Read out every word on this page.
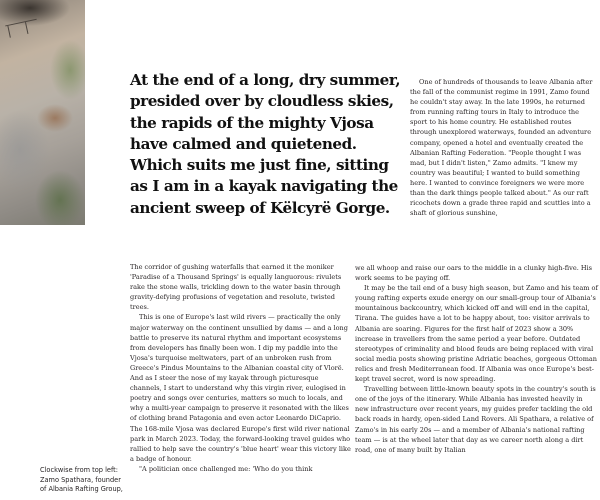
Clockwise from top left:
Zamo Spathara, founder
of Albania Rafting Group,
At the end of a long, dry summer, presided over by cloudless skies, the rapids of the mighty Vjosa have calmed and quietened. Which suits me just fine, sitting as I am in a kayak navigating the ancient sweep of Këlcyrë Gorge.

The corridor of gushing waterfalls that earned it the moniker 'Paradise of a Thousand Springs' is equally languorous: rivulets rake the stone walls, trickling down to the water basin through gravity-defying profusions of vegetation and resolute, twisted trees.

This is one of Europe's last wild rivers — practically the only major waterway on the continent unsullied by dams — and a long battle to preserve its natural rhythm and important ecosystems from developers has finally been won. I dip my paddle into the Vjosa's turquoise meltwaters, part of an unbroken rush from Greece's Pindus Mountains to the Albanian coastal city of Vlorë. And as I steer the nose of my kayak through picturesque channels, I start to understand why this virgin river, eulogised in poetry and songs over centuries, matters so much to locals, and why a multi-year campaign to preserve it resonated with the likes of clothing brand Patagonia and even actor Leonardo DiCaprio. The 168-mile Vjosa was declared Europe's first wild river national park in March 2023. Today, the forward-looking travel guides who rallied to help save the country's 'blue heart' wear this victory like a badge of honour.

"A politician once challenged me: 'Who do you think

One of hundreds of thousands to leave Albania after the fall of the communist regime in 1991, Zamo found he couldn't stay away. In the late 1990s, he returned from running rafting tours in Italy to introduce the sport to his home country. He established routes through unexplored waterways, founded an adventure company, opened a hotel and eventually created the Albanian Rafting Federation. "People thought I was mad, but I didn't listen," Zamo admits. "I knew my country was beautiful; I wanted to build something here. I wanted to convince foreigners we were more than the dark things people talked about." As our raft ricochets down a grade three rapid and scuttles into a shaft of glorious sunshine,

we all whoop and raise our oars to the middle in a clunky high-five. His work seems to be paying off.

It may be the tail end of a busy high season, but Zamo and his team of young rafting experts exude energy on our small-group tour of Albania's mountainous backcountry, which kicked off and will end in the capital, Tirana. The guides have a lot to be happy about, too: visitor arrivals to Albania are soaring. Figures for the first half of 2023 show a 30% increase in travellers from the same period a year before. Outdated stereotypes of criminality and blood feuds are being replaced with viral social media posts showing pristine Adriatic beaches, gorgeous Ottoman relics and fresh Mediterranean food. If Albania was once Europe's best-kept travel secret, word is now spreading.

Travelling between little-known beauty spots in the country's south is one of the joys of the itinerary. While Albania has invested heavily in new infrastructure over recent years, my guides prefer tackling the old back roads in hardy, open-sided Land Rovers. Ali Spathara, a relative of Zamo's in his early 20s — and a member of Albania's national rafting team — is at the wheel later that day as we career north along a dirt road, one of many built by Italian
